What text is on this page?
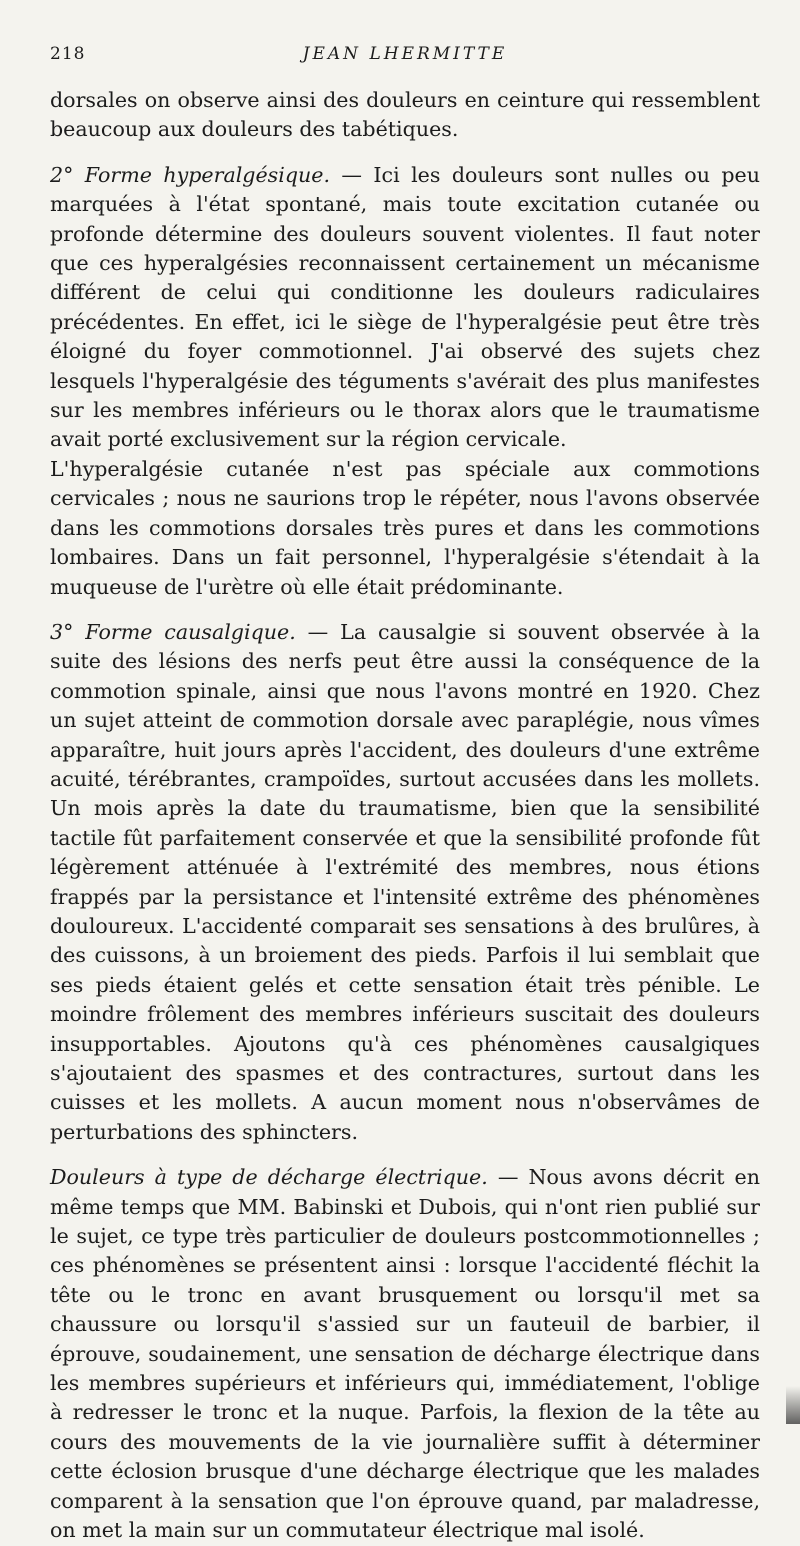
218	JEAN LHERMITTE

dorsales on observe ainsi des douleurs en ceinture qui ressemblent beaucoup aux douleurs des tabétiques.

2° Forme hyperalgésique. — Ici les douleurs sont nulles ou peu marquées à l'état spontané, mais toute excitation cutanée ou profonde détermine des douleurs souvent violentes. Il faut noter que ces hyperalgésies reconnaissent certainement un mécanisme différent de celui qui conditionne les douleurs radiculaires précédentes. En effet, ici le siège de l'hyperalgésie peut être très éloigné du foyer commotionnel. J'ai observé des sujets chez lesquels l'hyperalgésie des téguments s'avérait des plus manifestes sur les membres inférieurs ou le thorax alors que le traumatisme avait porté exclusivement sur la région cervicale.

L'hyperalgésie cutanée n'est pas spéciale aux commotions cervicales ; nous ne saurions trop le répéter, nous l'avons observée dans les commotions dorsales très pures et dans les commotions lombaires. Dans un fait personnel, l'hyperalgésie s'étendait à la muqueuse de l'urètre où elle était prédominante.

3° Forme causalgique. — La causalgie si souvent observée à la suite des lésions des nerfs peut être aussi la conséquence de la commotion spinale, ainsi que nous l'avons montré en 1920. Chez un sujet atteint de commotion dorsale avec paraplégie, nous vîmes apparaître, huit jours après l'accident, des douleurs d'une extrême acuité, térébrantes, crampoïdes, surtout accusées dans les mollets. Un mois après la date du traumatisme, bien que la sensibilité tactile fût parfaitement conservée et que la sensibilité profonde fût légèrement atténuée à l'extrémité des membres, nous étions frappés par la persistance et l'intensité extrême des phénomènes douloureux. L'accidenté comparait ses sensations à des brulûres, à des cuissons, à un broiement des pieds. Parfois il lui semblait que ses pieds étaient gelés et cette sensation était très pénible. Le moindre frôlement des membres inférieurs suscitait des douleurs insupportables. Ajoutons qu'à ces phénomènes causalgiques s'ajoutaient des spasmes et des contractures, surtout dans les cuisses et les mollets. A aucun moment nous n'observâmes de perturbations des sphincters.

Douleurs à type de décharge électrique. — Nous avons décrit en même temps que MM. Babinski et Dubois, qui n'ont rien publié sur le sujet, ce type très particulier de douleurs postcommotionnelles ; ces phénomènes se présentent ainsi : lorsque l'accidenté fléchit la tête ou le tronc en avant brusquement ou lorsqu'il met sa chaussure ou lorsqu'il s'assied sur un fauteuil de barbier, il éprouve, soudainement, une sensation de décharge électrique dans les membres supérieurs et inférieurs qui, immédiatement, l'oblige à redresser le tronc et la nuque. Parfois, la flexion de la tête au cours des mouvements de la vie journalière suffit à déterminer cette éclosion brusque d'une décharge électrique que les malades comparent à la sensation que l'on éprouve quand, par maladresse, on met la main sur un commutateur électrique mal isolé.
